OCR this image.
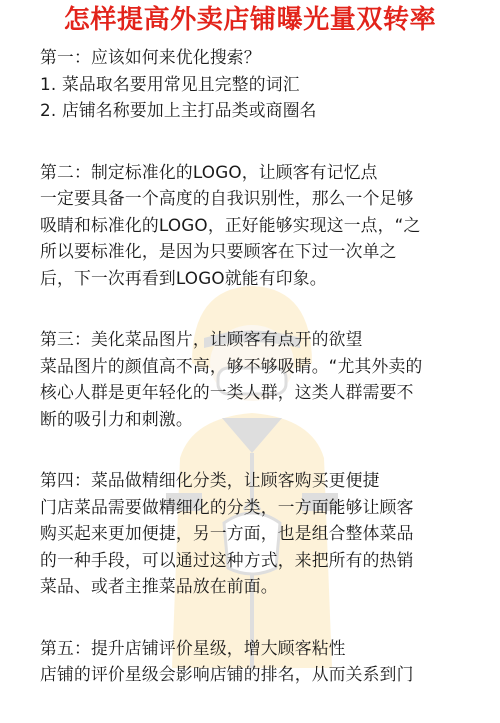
怎样提高外卖店铺曝光量双转率
第一：应该如何来优化搜索？
1. 菜品取名要用常见且完整的词汇
2. 店铺名称要加上主打品类或商圈名
第二：制定标准化的LOGO，让顾客有记忆点
一定要具备一个高度的自我识别性，那么一个足够
吸睛和标准化的LOGO，正好能够实现这一点，“之
所以要标准化，是因为只要顾客在下过一次单之
后，下一次再看到LOGO就能有印象。
第三：美化菜品图片，让顾客有点开的欲望
菜品图片的颜值高不高，够不够吸睛。“尤其外卖的
核心人群是更年轻化的一类人群，这类人群需要不
断的吸引力和刺激。
第四：菜品做精细化分类，让顾客购买更便捷
门店菜品需要做精细化的分类，一方面能够让顾客
购买起来更加便捷，另一方面，也是组合整体菜品
的一种手段，可以通过这种方式，来把所有的热销
菜品、或者主推菜品放在前面。
第五：提升店铺评价星级，增大顾客粘性
店铺的评价星级会影响店铺的排名，从而关系到门
